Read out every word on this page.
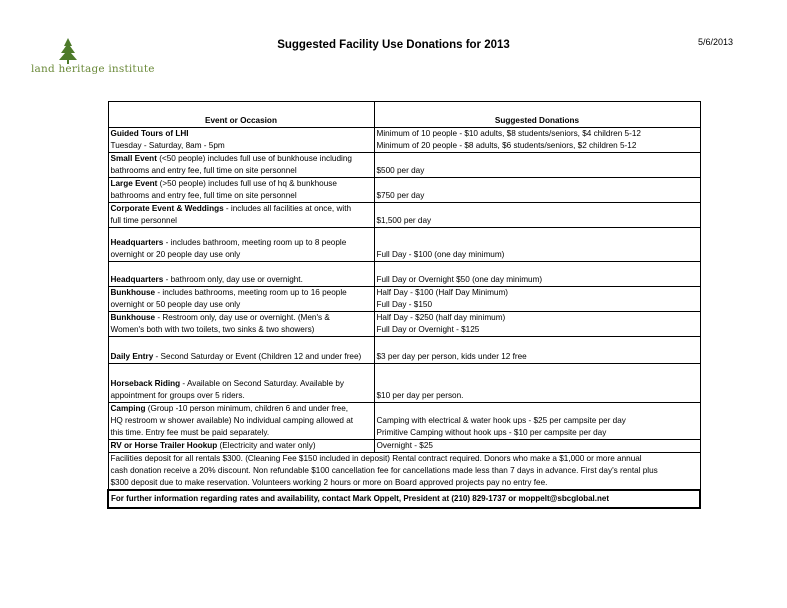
land heritage institute
Suggested Facility Use Donations for 2013	5/6/2013
Event or Occasion	Suggested Donations
Guided Tours of LHI
Tuesday - Saturday, 8am - 5pm	Minimum of 10 people - $10 adults, $8 students/seniors, $4 children 5-12
Minimum of 20 people - $8 adults, $6 students/seniors, $2 children 5-12
Small Event (<50 people) includes full use of bunkhouse including
bathrooms and entry fee, full time on site personnel	$500 per day
Large Event (>50 people) includes full use of hq & bunkhouse
bathrooms and entry fee, full time on site personnel	$750 per day
Corporate Event & Weddings - includes all facilities at once, with
full time personnel	$1,500 per day
Headquarters - includes bathroom, meeting room up to 8 people
overnight or 20 people day use only	Full Day - $100 (one day minimum)
Headquarters - bathroom only, day use or overnight.	Full Day or Overnight $50 (one day minimum)
Bunkhouse - includes bathrooms, meeting room up to 16 people
overnight or 50 people day use only	Half Day - $100 (Half Day Minimum)
Full Day - $150
Bunkhouse - Restroom only, day use or overnight. (Men's &
Women's both with two toilets, two sinks & two showers)	Half Day - $250 (half day minimum)
Full Day or Overnight - $125
Daily Entry - Second Saturday or Event (Children 12 and under free)	$3 per day per person, kids under 12 free
Horseback Riding - Available on Second Saturday. Available by
appointment for groups over 5 riders.	$10 per day per person.
Camping (Group -10 person minimum, children 6 and under free,
HQ restroom w shower available) No individual camping allowed at
this time. Entry fee must be paid separately.	Camping with electrical & water hook ups - $25 per campsite per day
Primitive Camping without hook ups - $10 per campsite per day
RV or Horse Trailer Hookup (Electricity and water only)	Overnight - $25
Facilities deposit for all rentals $300. (Cleaning Fee $150 included in deposit) Rental contract required. Donors who make a $1,000 or more annual
cash donation receive a 20% discount. Non refundable $100 cancellation fee for cancellations made less than 7 days in advance. First day's rental plus
$300 deposit due to make reservation. Volunteers working 2 hours or more on Board approved projects pay no entry fee.	
For further information regarding rates and availability, contact Mark Oppelt, President at (210) 829-1737 or moppelt@sbcglobal.net	
